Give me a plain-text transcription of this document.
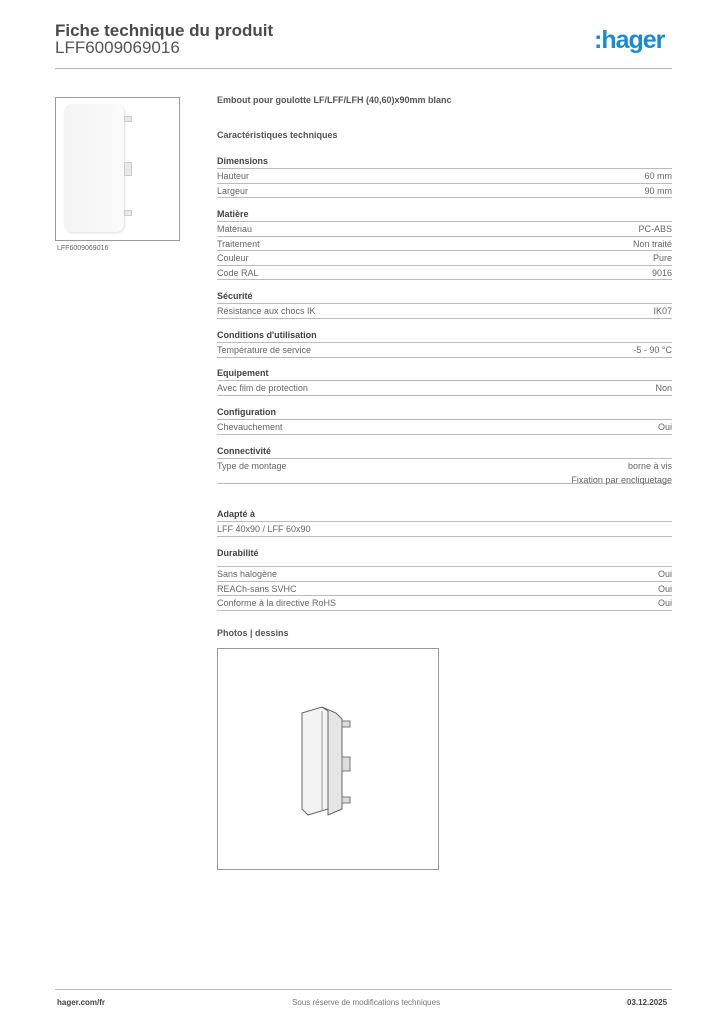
Fiche technique du produit
LFF6009069016	:hager
LFF6009069016
Embout pour goulotte LF/LFF/LFH (40,60)x90mm blanc
Caractéristiques techniques
Dimensions
Hauteur	60 mm
Largeur	90 mm
Matière
Matériau	PC-ABS
Traitement	Non traité
Couleur	Pure
Code RAL	9016
Sécurité
Résistance aux chocs IK	IK07
Conditions d'utilisation
Température de service	-5 - 90 °C
Equipement
Avec film de protection	Non
Configuration
Chevauchement	Oui
Connectivité
Type de montage	borne à vis
Fixation par encliquetage
Adapté à
LFF 40x90 / LFF 60x90
Durabilité
Sans halogène	Oui
REACh-sans SVHC	Oui
Conforme à la directive RoHS	Oui
Photos | dessins
hager.com/fr	Sous réserve de modifications techniques	03.12.2025
